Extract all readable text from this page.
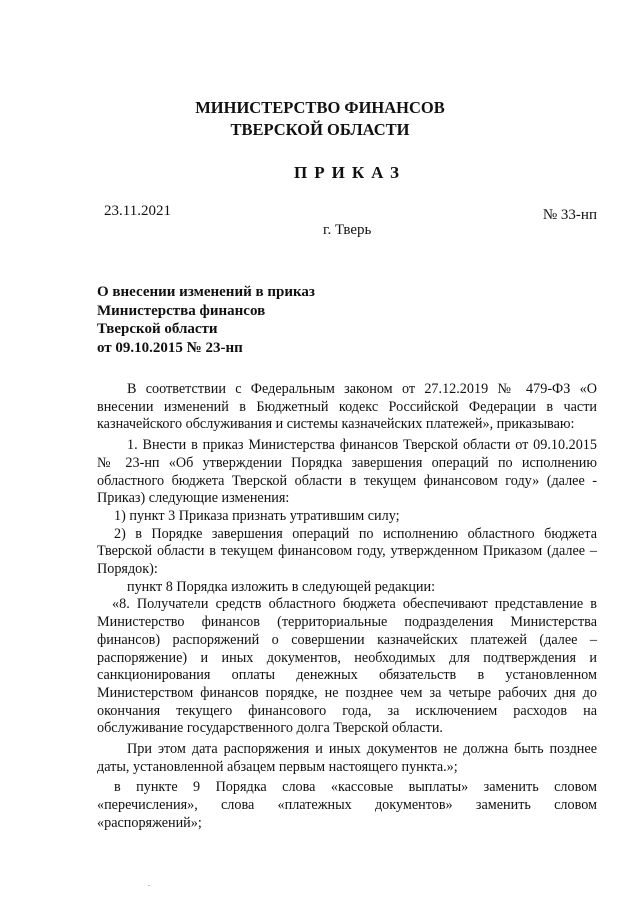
МИНИСТЕРСТВО ФИНАНСОВ
ТВЕРСКОЙ ОБЛАСТИ
ПРИКАЗ
23.11.2021	№ 33-нп
г. Тверь
О внесении изменений в приказ
Министерства финансов
Тверской области
от 09.10.2015 № 23-нп

В соответствии с Федеральным законом от 27.12.2019 № 479-ФЗ «О внесении изменений в Бюджетный кодекс Российской Федерации в части казначейского обслуживания и системы казначейских платежей», приказываю:

1. Внести в приказ Министерства финансов Тверской области от 09.10.2015 № 23-нп «Об утверждении Порядка завершения операций по исполнению областного бюджета Тверской области в текущем финансовом году» (далее - Приказ) следующие изменения:

1) пункт 3 Приказа признать утратившим силу;

2) в Порядке завершения операций по исполнению областного бюджета Тверской области в текущем финансовом году, утвержденном Приказом (далее – Порядок):

пункт 8 Порядка изложить в следующей редакции:

«8. Получатели средств областного бюджета обеспечивают представление в Министерство финансов (территориальные подразделения Министерства финансов) распоряжений о совершении казначейских платежей (далее – распоряжение) и иных документов, необходимых для подтверждения и санкционирования оплаты денежных обязательств в установленном Министерством финансов порядке, не позднее чем за четыре рабочих дня до окончания текущего финансового года, за исключением расходов на обслуживание государственного долга Тверской области.

При этом дата распоряжения и иных документов не должна быть позднее даты, установленной абзацем первым настоящего пункта.»;

в пункте 9 Порядка слова «кассовые выплаты» заменить словом «перечисления», слова «платежных документов» заменить словом «распоряжений»;
